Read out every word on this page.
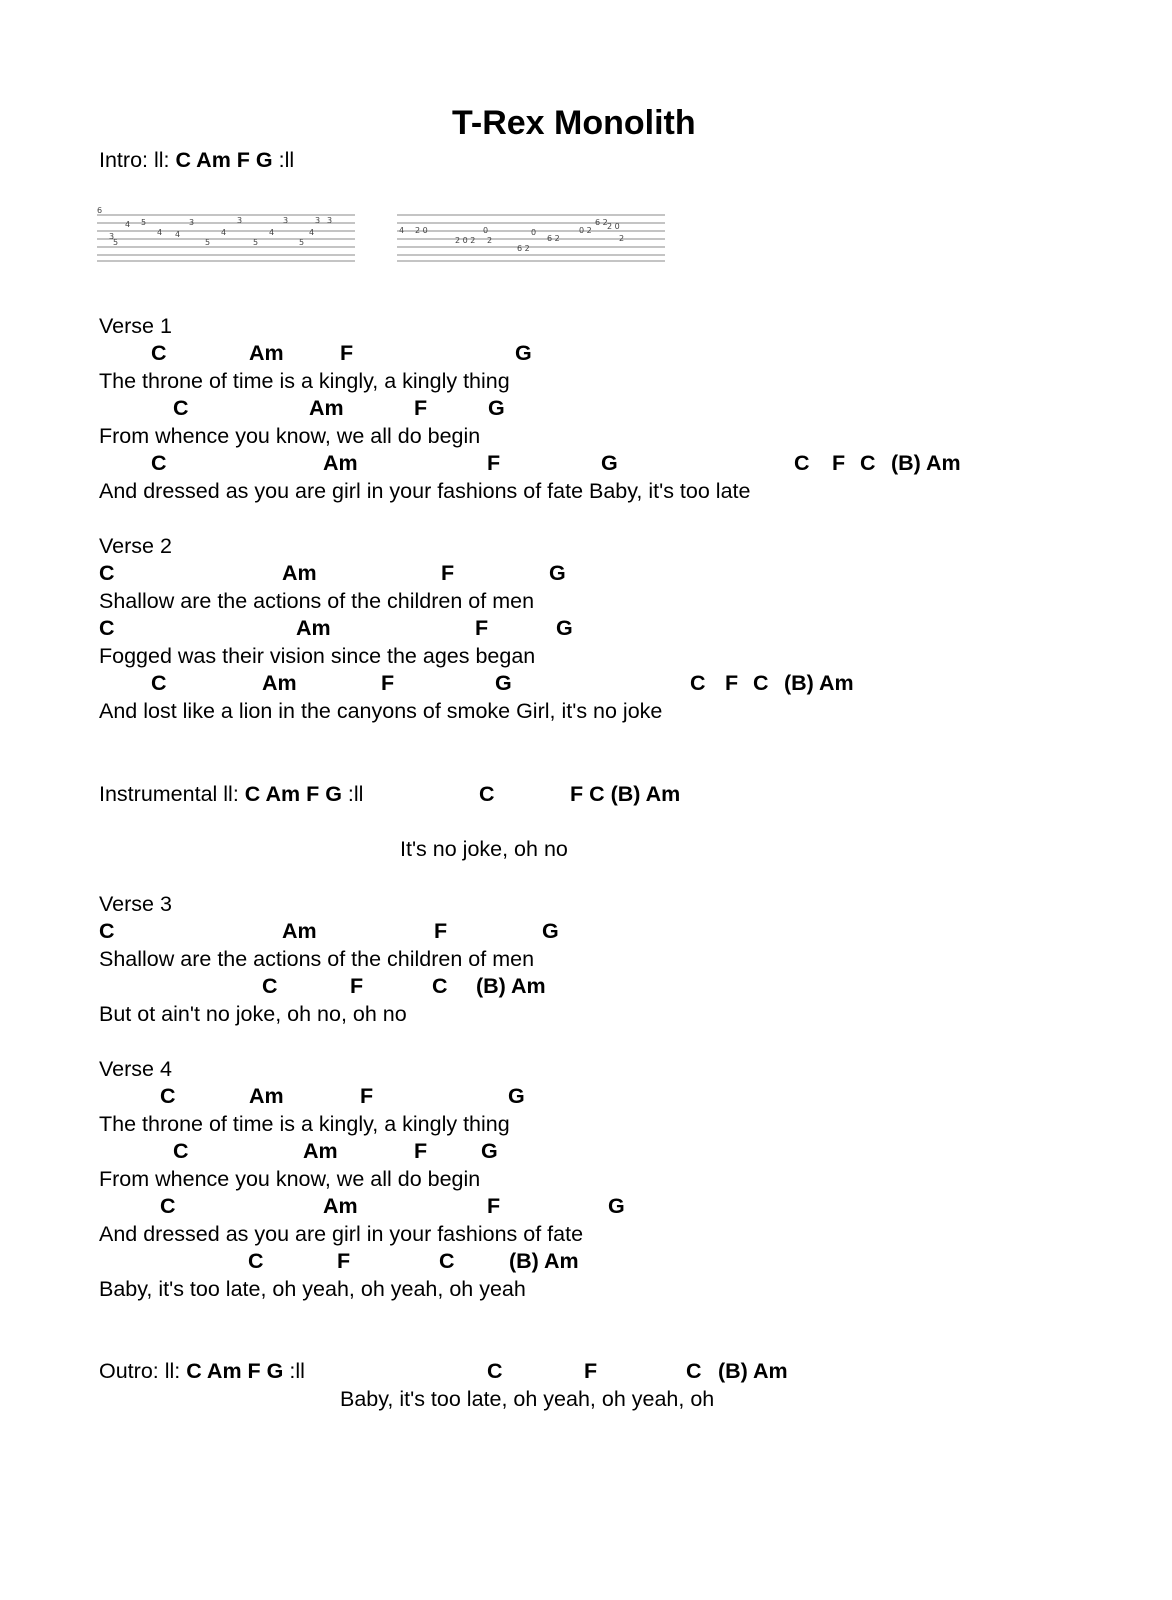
T-Rex Monolith
Intro: ll: C Am F G :ll
6
4
3
5
5
4
3
4
5
3
4
5
3	3
4
5
3
4	4 2 0
2 0 2 2
0
6 2
0
6 2
0 2 2 0
2
6 2
Verse 1
C	Am	F	G
The throne of time is a kingly, a kingly thing
C	Am	F	G
From whence you know, we all do begin
C	Am	F	G	C F C (B) Am
And dressed as you are girl in your fashions of fate Baby, it's too late
Verse 2
C	Am	F	G
Shallow are the actions of the children of men
C	Am	F	G
Fogged was their vision since the ages began
C	Am	F	G	C F C (B) Am
And lost like a lion in the canyons of smoke Girl, it's no joke
Instrumental ll: C Am F G :ll	C	F C (B) Am
It's no joke, oh no
Verse 3
C	Am	F	G
Shallow are the actions of the children of men
C	F	C (B) Am
But ot ain't no joke, oh no, oh no
Verse 4
C	Am	F	G
The throne of time is a kingly, a kingly thing
C	Am	F	G
From whence you know, we all do begin
C	Am	F	G
And dressed as you are girl in your fashions of fate
C	F	C	(B) Am
Baby, it's too late, oh yeah, oh yeah, oh yeah
Outro: ll: C Am F G :ll	C	F	C (B) Am
Baby, it's too late, oh yeah, oh yeah, oh
